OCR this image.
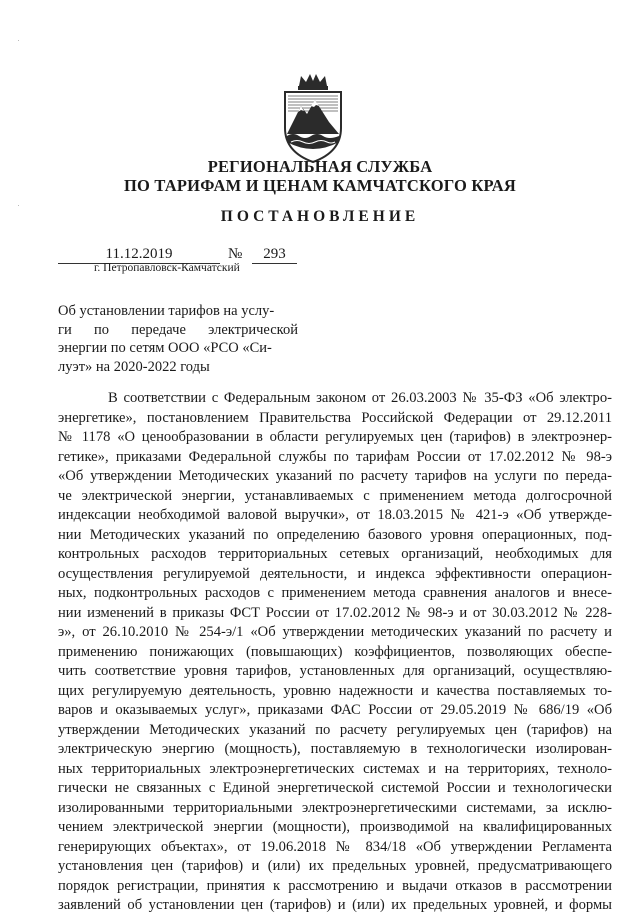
РЕГИОНАЛЬНАЯ СЛУЖБА
ПО ТАРИФАМ И ЦЕНАМ КАМЧАТСКОГО КРАЯ
ПОСТАНОВЛЕНИЕ
11.12.2019	№	293
г. Петропавловск-Камчатский
Об установлении тарифов на услу-
ги по передаче электрической
энергии по сетям ООО «РСО «Си-
луэт» на 2020-2022 годы
В соответствии с Федеральным законом от 26.03.2003 № 35-ФЗ «Об электро-
энергетике», постановлением Правительства Российской Федерации от 29.12.2011
№ 1178 «О ценообразовании в области регулируемых цен (тарифов) в электроэнер-
гетике», приказами Федеральной службы по тарифам России от 17.02.2012 № 98-э
«Об утверждении Методических указаний по расчету тарифов на услуги по переда-
че электрической энергии, устанавливаемых с применением метода долгосрочной
индексации необходимой валовой выручки», от 18.03.2015 № 421-э «Об утвержде-
нии Методических указаний по определению базового уровня операционных, под-
контрольных расходов территориальных сетевых организаций, необходимых для
осуществления регулируемой деятельности, и индекса эффективности операцион-
ных, подконтрольных расходов с применением метода сравнения аналогов и внесе-
нии изменений в приказы ФСТ России от 17.02.2012 № 98-э и от 30.03.2012 № 228-
э», от 26.10.2010 № 254-э/1 «Об утверждении методических указаний по расчету и
применению понижающих (повышающих) коэффициентов, позволяющих обеспе-
чить соответствие уровня тарифов, установленных для организаций, осуществляю-
щих регулируемую деятельность, уровню надежности и качества поставляемых то-
варов и оказываемых услуг», приказами ФАС России от 29.05.2019 № 686/19 «Об
утверждении Методических указаний по расчету регулируемых цен (тарифов) на
электрическую энергию (мощность), поставляемую в технологически изолирован-
ных территориальных электроэнергетических системах и на территориях, техноло-
гически не связанных с Единой энергетической системой России и технологически
изолированными территориальными электроэнергетическими системами, за исклю-
чением электрической энергии (мощности), производимой на квалифицированных
генерирующих объектах», от 19.06.2018 № 834/18 «Об утверждении Регламента
установления цен (тарифов) и (или) их предельных уровней, предусматривающего
порядок регистрации, принятия к рассмотрению и выдачи отказов в рассмотрении
заявлений об установлении цен (тарифов) и (или) их предельных уровней, и формы
